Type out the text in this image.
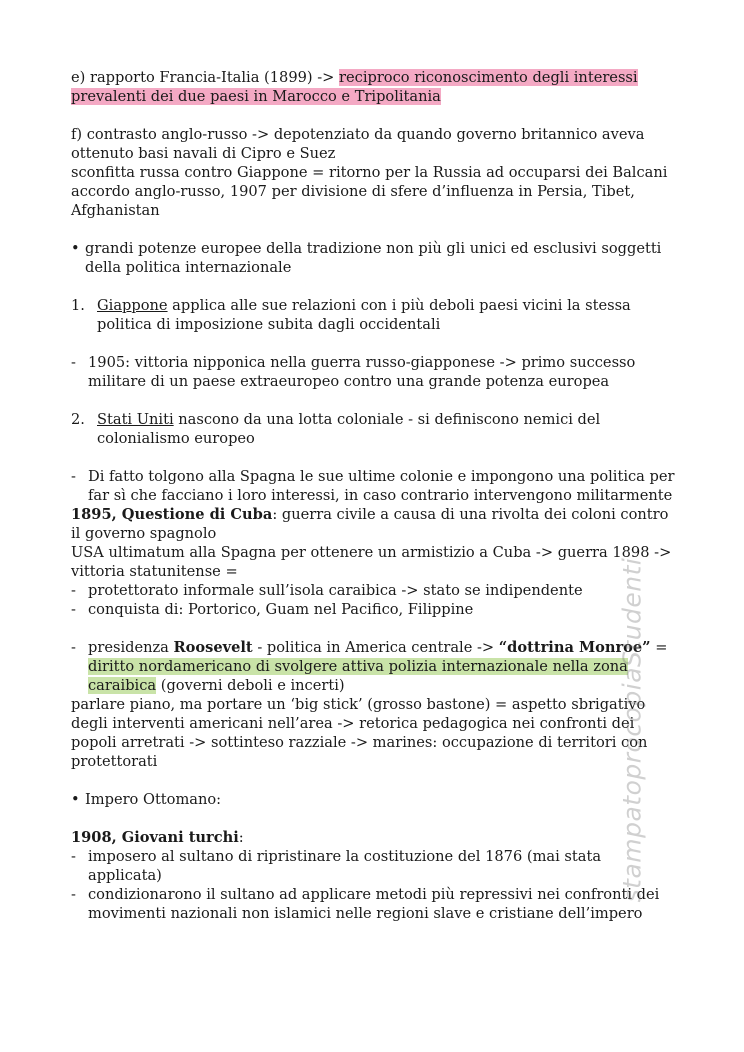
e) rapporto Francia-Italia (1899) -> reciproco riconoscimento degli interessi prevalenti dei due paesi in Marocco e Tripolitania

f) contrasto anglo-russo -> depotenziato da quando governo britannico aveva ottenuto basi navali di Cipro e Suez

sconfitta russa contro Giappone = ritorno per la Russia ad occuparsi dei Balcani

accordo anglo-russo, 1907 per divisione di sfere d’influenza in Persia, Tibet, Afghanistan

• grandi potenze europee della tradizione non più gli unici ed esclusivi soggetti della politica internazionale
1. Giappone applica alle sue relazioni con i più deboli paesi vicini la stessa politica di imposizione subita dagli occidentali
- 1905: vittoria nipponica nella guerra russo-giapponese -> primo successo militare di un paese extraeuropeo contro una grande potenza europea
2. Stati Uniti nascono da una lotta coloniale - si definiscono nemici del colonialismo europeo
- Di fatto tolgono alla Spagna le sue ultime colonie e impongono una politica per far sì che facciano i loro interessi, in caso contrario intervengono militarmente

1895, Questione di Cuba: guerra civile a causa di una rivolta dei coloni contro il governo spagnolo

USA ultimatum alla Spagna per ottenere un armistizio a Cuba -> guerra 1898 -> vittoria statunitense =

- protettorato informale sull’isola caraibica -> stato se indipendente
- conquista di: Portorico, Guam nel Pacifico, Filippine
- presidenza Roosevelt - politica in America centrale -> “dottrina Monroe” = diritto nordamericano di svolgere attiva polizia internazionale nella zona caraibica (governi deboli e incerti)

parlare piano, ma portare un ‘big stick’ (grosso bastone) = aspetto sbrigativo degli interventi americani nell’area -> retorica pedagogica nei confronti dei popoli arretrati -> sottinteso razziale -> marines: occupazione di territori con protettorati

• Impero Ottomano:

1908, Giovani turchi:

- imposero al sultano di ripristinare la costituzione del 1876 (mai stata applicata)
- condizionarono il sultano ad applicare metodi più repressivi nei confronti dei movimenti nazionali non islamici nelle regioni slave e cristiane dell’impero
stampatoprocopiaStudenti
